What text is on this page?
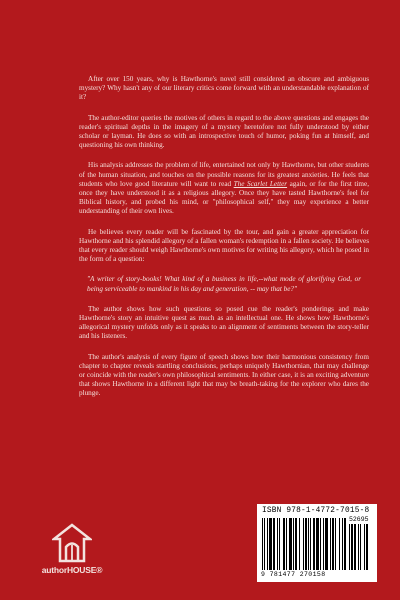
After over 150 years, why is Hawthorne's novel still considered an obscure and ambiguous mystery? Why hasn't any of our literary critics come forward with an understandable explanation of it?

The author-editor queries the motives of others in regard to the above questions and engages the reader's spiritual depths in the imagery of a mystery heretofore not fully understood by either scholar or layman. He does so with an introspective touch of humor, poking fun at himself, and questioning his own thinking.

His analysis addresses the problem of life, entertained not only by Hawthorne, but other students of the human situation, and touches on the possible reasons for its greatest anxieties. He feels that students who love good literature will want to read The Scarlet Letter again, or for the first time, once they have understood it as a religious allegory. Once they have tasted Hawthorne's feel for Biblical history, and probed his mind, or "philosophical self," they may experience a better understanding of their own lives.

He believes every reader will be fascinated by the tour, and gain a greater appreciation for Hawthorne and his splendid allegory of a fallen woman's redemption in a fallen society. He believes that every reader should weigh Hawthorne's own motives for writing his allegory, which he posed in the form of a question:

"A writer of story-books! What kind of a business in life,--what mode of glorifying God, or being serviceable to mankind in his day and generation, -- may that be?"

The author shows how such questions so posed cue the reader's ponderings and make Hawthorne's story an intuitive quest as much as an intellectual one. He shows how Hawthorne's allegorical mystery unfolds only as it speaks to an alignment of sentiments between the story-teller and his listeners.

The author's analysis of every figure of speech shows how their harmonious consistency from chapter to chapter reveals startling conclusions, perhaps uniquely Hawthornian, that may challenge or coincide with the reader's own philosophical sentiments. In either case, it is an exciting adventure that shows Hawthorne in a different light that may be breath-taking for the explorer who dares the plunge.

authorHOUSE®
ISBN 978-1-4772-7015-8
52695
9 781477 270158
